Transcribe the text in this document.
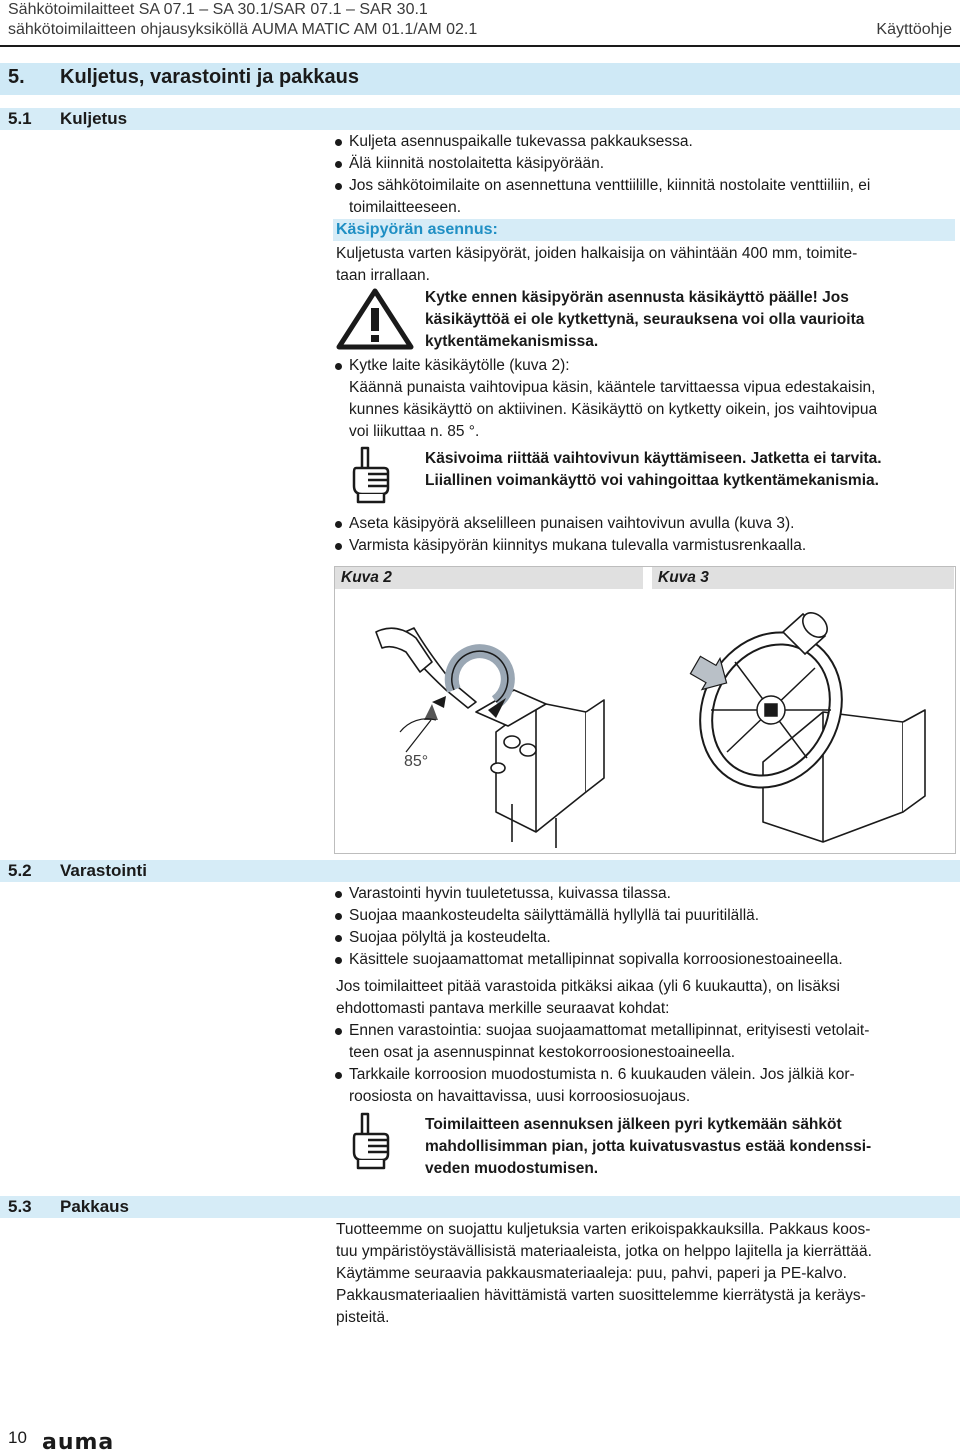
Sähkötoimilaitteet SA 07.1 – SA 30.1/SAR 07.1 – SAR 30.1
sähkötoimilaitteen ohjausyksiköllä AUMA MATIC AM 01.1/AM 02.1	Käyttöohje
5. Kuljetus, varastointi ja pakkaus
5.1 Kuljetus
Kuljeta asennuspaikalle tukevassa pakkauksessa.
Älä kiinnitä nostolaitetta käsipyörään.
Jos sähkötoimilaite on asennettuna venttiilille, kiinnitä nostolaite venttiiliin, ei
toimilaitteeseen.
Käsipyörän asennus:
Kuljetusta varten käsipyörät, joiden halkaisija on vähintään 400 mm, toimite-
taan irrallaan.
Kytke ennen käsipyörän asennusta käsikäyttö päälle! Jos
käsikäyttöä ei ole kytkettynä, seurauksena voi olla vaurioita
kytkentämekanismissa.
Kytke laite käsikäytölle (kuva 2):
Käännä punaista vaihtovipua käsin, kääntele tarvittaessa vipua edestakaisin,
kunnes käsikäyttö on aktiivinen. Käsikäyttö on kytketty oikein, jos vaihtovipua
voi liikuttaa n. 85 °.
Käsivoima riittää vaihtovivun käyttämiseen. Jatketta ei tarvita.
Liiallinen voimankäyttö voi vahingoittaa kytkentämekanismia.
Aseta käsipyörä akselilleen punaisen vaihtovivun avulla (kuva 3).
Varmista käsipyörän kiinnitys mukana tulevalla varmistusrenkaalla.
Kuva 2	Kuva 3
85°
5.2 Varastointi
Varastointi hyvin tuuletetussa, kuivassa tilassa.
Suojaa maankosteudelta säilyttämällä hyllyllä tai puuritilällä.
Suojaa pölyltä ja kosteudelta.
Käsittele suojaamattomat metallipinnat sopivalla korroosionestoaineella.
Jos toimilaitteet pitää varastoida pitkäksi aikaa (yli 6 kuukautta), on lisäksi
ehdottomasti pantava merkille seuraavat kohdat:
Ennen varastointia: suojaa suojaamattomat metallipinnat, erityisesti vetolait-
teen osat ja asennuspinnat kestokorroosionestoaineella.
Tarkkaile korroosion muodostumista n. 6 kuukauden välein. Jos jälkiä kor-
roosiosta on havaittavissa, uusi korroosiosuojaus.
Toimilaitteen asennuksen jälkeen pyri kytkemään sähköt
mahdollisimman pian, jotta kuivatusvastus estää kondenssi-
veden muodostumisen.
5.3 Pakkaus
Tuotteemme on suojattu kuljetuksia varten erikoispakkauksilla. Pakkaus koos-
tuu ympäristöystävällisistä materiaaleista, jotka on helppo lajitella ja kierrättää.
Käytämme seuraavia pakkausmateriaaleja: puu, pahvi, paperi ja PE-kalvo.
Pakkausmateriaalien hävittämistä varten suosittelemme kierrätystä ja keräys-
pisteitä.
10 auma
